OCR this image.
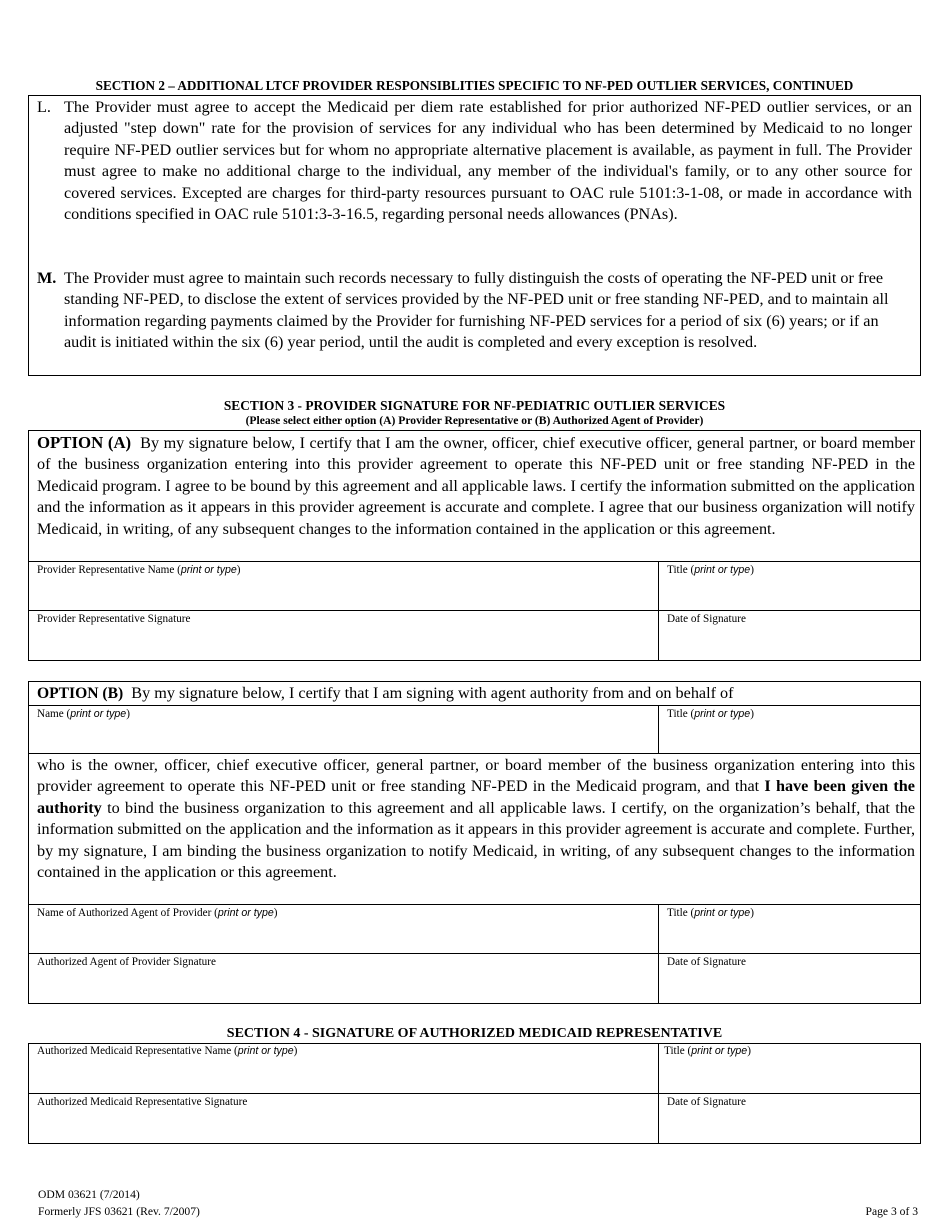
SECTION 2 – ADDITIONAL LTCF PROVIDER RESPONSIBLITIES SPECIFIC TO NF-PED OUTLIER SERVICES, CONTINUED
L. The Provider must agree to accept the Medicaid per diem rate established for prior authorized NF-PED outlier services, or an adjusted "step down" rate for the provision of services for any individual who has been determined by Medicaid to no longer require NF-PED outlier services but for whom no appropriate alternative placement is available, as payment in full. The Provider must agree to make no additional charge to the individual, any member of the individual's family, or to any other source for covered services. Excepted are charges for third-party resources pursuant to OAC rule 5101:3-1-08, or made in accordance with conditions specified in OAC rule 5101:3-3-16.5, regarding personal needs allowances (PNAs).
M. The Provider must agree to maintain such records necessary to fully distinguish the costs of operating the NF-PED unit or free standing NF-PED, to disclose the extent of services provided by the NF-PED unit or free standing NF-PED, and to maintain all information regarding payments claimed by the Provider for furnishing NF-PED services for a period of six (6) years; or if an audit is initiated within the six (6) year period, until the audit is completed and every exception is resolved.
SECTION 3 - PROVIDER SIGNATURE FOR NF-PEDIATRIC OUTLIER SERVICES
(Please select either option (A) Provider Representative or (B) Authorized Agent of Provider)
OPTION (A) By my signature below, I certify that I am the owner, officer, chief executive officer, general partner, or board member of the business organization entering into this provider agreement to operate this NF-PED unit or free standing NF-PED in the Medicaid program. I agree to be bound by this agreement and all applicable laws. I certify the information submitted on the application and the information as it appears in this provider agreement is accurate and complete. I agree that our business organization will notify Medicaid, in writing, of any subsequent changes to the information contained in the application or this agreement.
Provider Representative Name (print or type)	Title (print or type)
Provider Representative Signature	Date of Signature
OPTION (B) By my signature below, I certify that I am signing with agent authority from and on behalf of
Name (print or type)	Title (print or type)
who is the owner, officer, chief executive officer, general partner, or board member of the business organization entering into this provider agreement to operate this NF-PED unit or free standing NF-PED in the Medicaid program, and that I have been given the authority to bind the business organization to this agreement and all applicable laws. I certify, on the organization’s behalf, that the information submitted on the application and the information as it appears in this provider agreement is accurate and complete. Further, by my signature, I am binding the business organization to notify Medicaid, in writing, of any subsequent changes to the information contained in the application or this agreement.
Name of Authorized Agent of Provider (print or type)	Title (print or type)
Authorized Agent of Provider Signature	Date of Signature
SECTION 4 - SIGNATURE OF AUTHORIZED MEDICAID REPRESENTATIVE
Authorized Medicaid Representative Name (print or type)	Title (print or type)
Authorized Medicaid Representative Signature	Date of Signature
ODM 03621 (7/2014)
Formerly JFS 03621 (Rev. 7/2007)	Page 3 of 3
